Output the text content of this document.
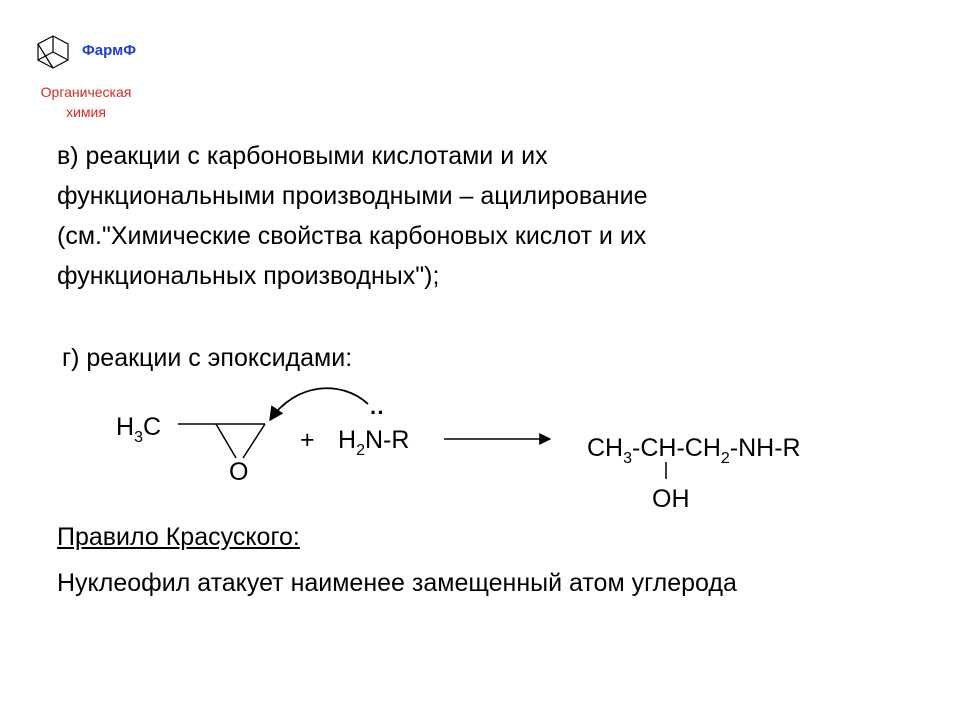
ФармФ
Органическая
химия
в) реакции с карбоновыми кислотами и их
функциональными производными – ацилирование
(см."Химические свойства карбоновых кислот и их
функциональных производных");
г) реакции с эпоксидами:
$H_3C$
O
+
··
$H_2N-R$	$CH_3-CH-CH_2-NH-R$
OH
Правило Красуского:
Нуклеофил атакует наименее замещенный атом углерода
